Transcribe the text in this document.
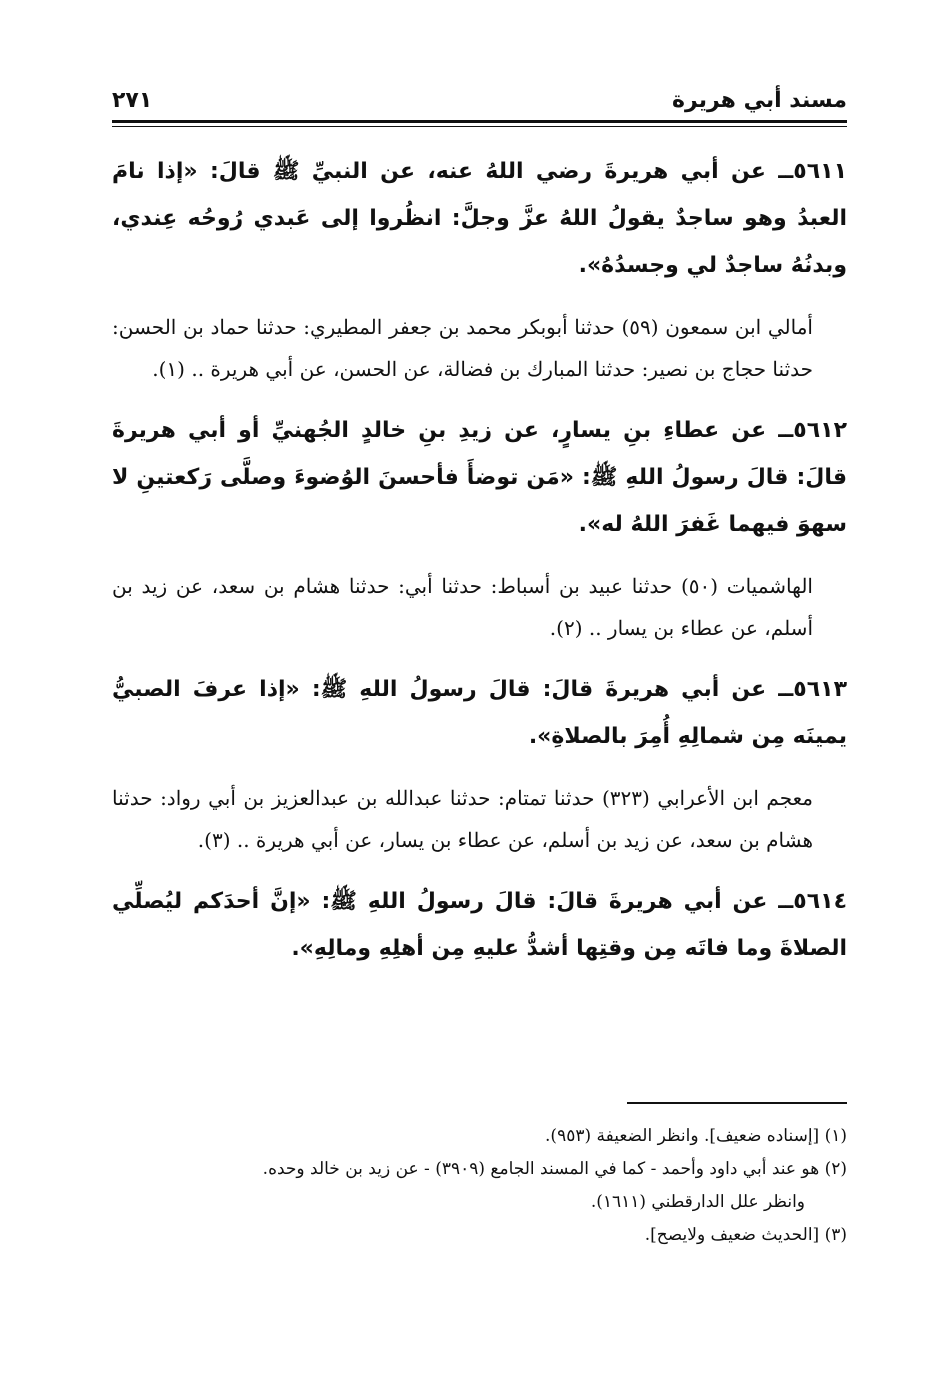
مسند أبي هريرة
٢٧١

٥٦١١ــ عن أبي هريرةَ رضي اللهُ عنه، عن النبيِّ ﷺ قالَ: «إذا نامَ العبدُ وهو ساجدٌ يقولُ اللهُ عزَّ وجلَّ: انظُروا إلى عَبدي رُوحُه عِندي، وبدنُهُ ساجدٌ لي وجسدُهُ».

أمالي ابن سمعون (٥٩) حدثنا أبوبكر محمد بن جعفر المطيري: حدثنا حماد بن الحسن: حدثنا حجاج بن نصير: حدثنا المبارك بن فضالة، عن الحسن، عن أبي هريرة .. (١).

٥٦١٢ــ عن عطاءِ بنِ يسارٍ، عن زيدِ بنِ خالدٍ الجُهنيِّ أو أبي هريرةَ قالَ: قالَ رسولُ اللهِ ﷺ: «مَن توضأَ فأحسنَ الوُضوءَ وصلَّى رَكعتينِ لا سهوَ فيهما غَفرَ اللهُ له».

الهاشميات (٥٠) حدثنا عبيد بن أسباط: حدثنا أبي: حدثنا هشام بن سعد، عن زيد بن أسلم، عن عطاء بن يسار .. (٢).

٥٦١٣ــ عن أبي هريرةَ قالَ: قالَ رسولُ اللهِ ﷺ: «إذا عرفَ الصبيُّ يمينَه مِن شمالِهِ أُمِرَ بالصلاةِ».

معجم ابن الأعرابي (٣٢٣) حدثنا تمتام: حدثنا عبدالله بن عبدالعزيز بن أبي رواد: حدثنا هشام بن سعد، عن زيد بن أسلم، عن عطاء بن يسار، عن أبي هريرة .. (٣).

٥٦١٤ــ عن أبي هريرةَ قالَ: قالَ رسولُ اللهِ ﷺ: «إنَّ أحدَكم ليُصلِّي الصلاةَ وما فاتَه مِن وقتِها أشدُّ عليهِ مِن أهلِهِ ومالِهِ».

(١) [إسناده ضعيف]. وانظر الضعيفة (٩٥٣).

(٢) هو عند أبي داود وأحمد - كما في المسند الجامع (٣٩٠٩) - عن زيد بن خالد وحده.

وانظر علل الدارقطني (١٦١١).

(٣) [الحديث ضعيف ولايصح].
